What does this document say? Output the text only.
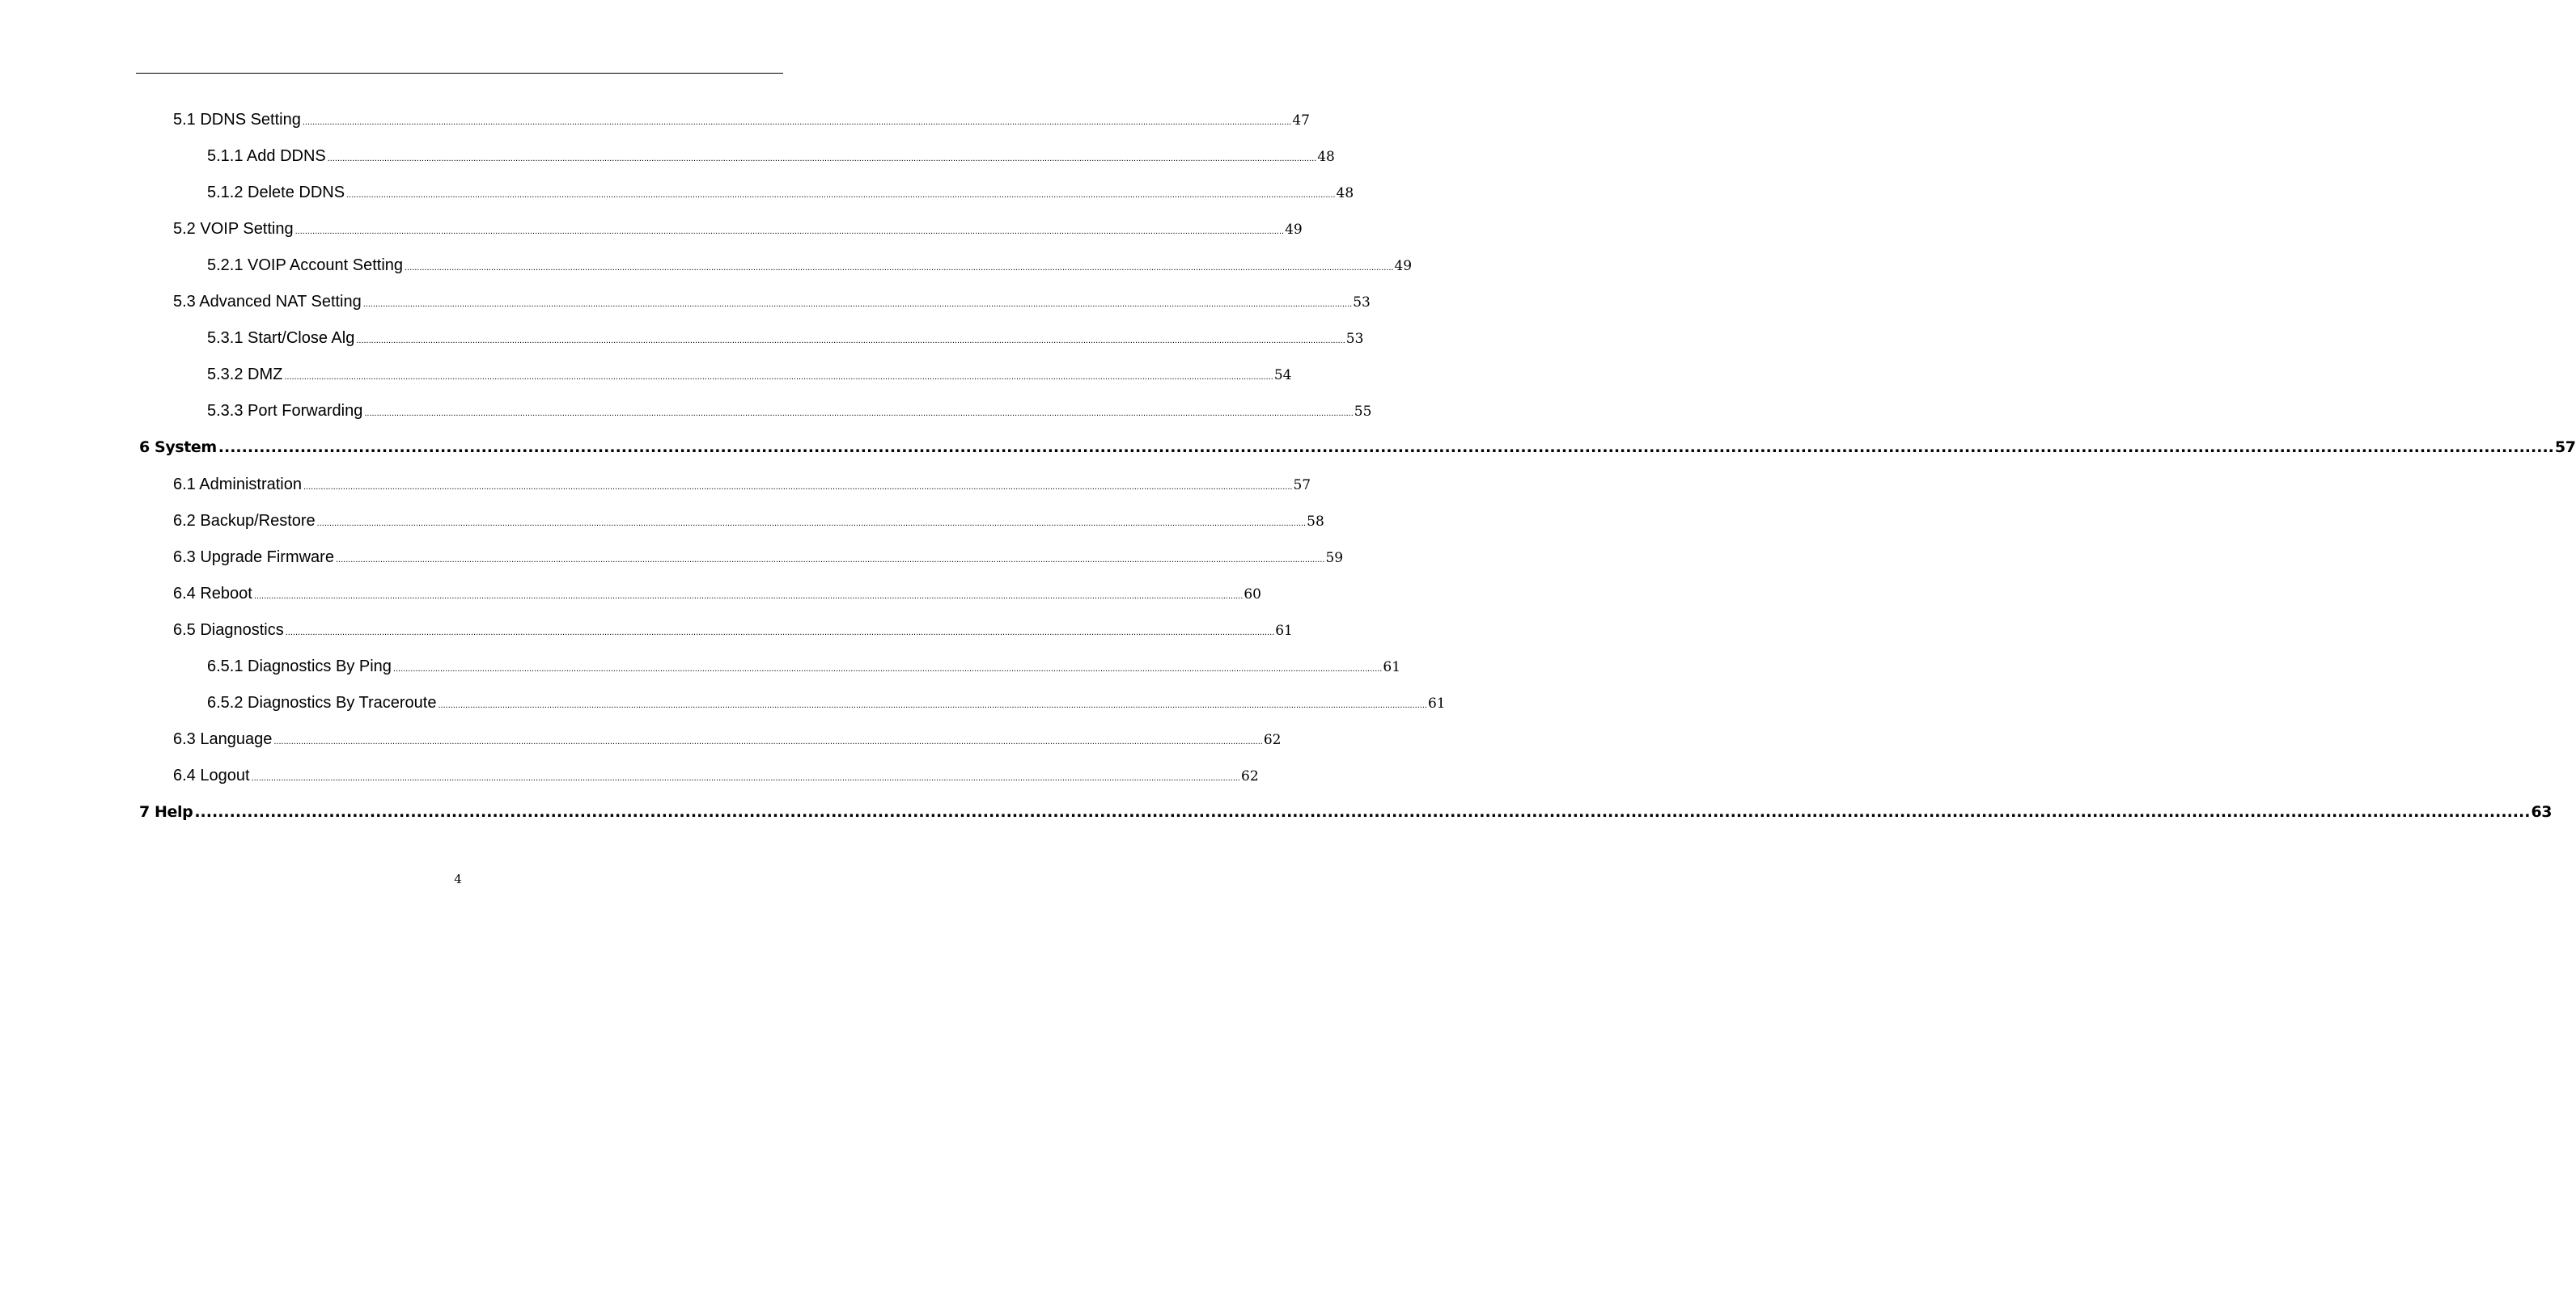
5.1 DDNS Setting ................................................................................................................................................................................................................................................................................................................................................................................................................ 47
5.1.1 Add DDNS ................................................................................................................................................................................................................................................................................................................................................................................................................ 48
5.1.2 Delete DDNS ................................................................................................................................................................................................................................................................................................................................................................................................................ 48
5.2 VOIP Setting ................................................................................................................................................................................................................................................................................................................................................................................................................ 49
5.2.1 VOIP Account Setting ................................................................................................................................................................................................................................................................................................................................................................................................................ 49
5.3 Advanced NAT Setting ................................................................................................................................................................................................................................................................................................................................................................................................................ 53
5.3.1 Start/Close Alg ................................................................................................................................................................................................................................................................................................................................................................................................................ 53
5.3.2 DMZ ................................................................................................................................................................................................................................................................................................................................................................................................................ 54
5.3.3 Port Forwarding ................................................................................................................................................................................................................................................................................................................................................................................................................ 55
6 System ................................................................................................................................................................................................................................................................................................................................................................................................................ 57
6.1 Administration ................................................................................................................................................................................................................................................................................................................................................................................................................ 57
6.2 Backup/Restore ................................................................................................................................................................................................................................................................................................................................................................................................................ 58
6.3 Upgrade Firmware ................................................................................................................................................................................................................................................................................................................................................................................................................ 59
6.4 Reboot ................................................................................................................................................................................................................................................................................................................................................................................................................ 60
6.5 Diagnostics ................................................................................................................................................................................................................................................................................................................................................................................................................ 61
6.5.1 Diagnostics By Ping ................................................................................................................................................................................................................................................................................................................................................................................................................ 61
6.5.2 Diagnostics By Traceroute ................................................................................................................................................................................................................................................................................................................................................................................................................ 61
6.3 Language ................................................................................................................................................................................................................................................................................................................................................................................................................ 62
6.4 Logout ................................................................................................................................................................................................................................................................................................................................................................................................................ 62
7 Help ................................................................................................................................................................................................................................................................................................................................................................................................................ 63
4
